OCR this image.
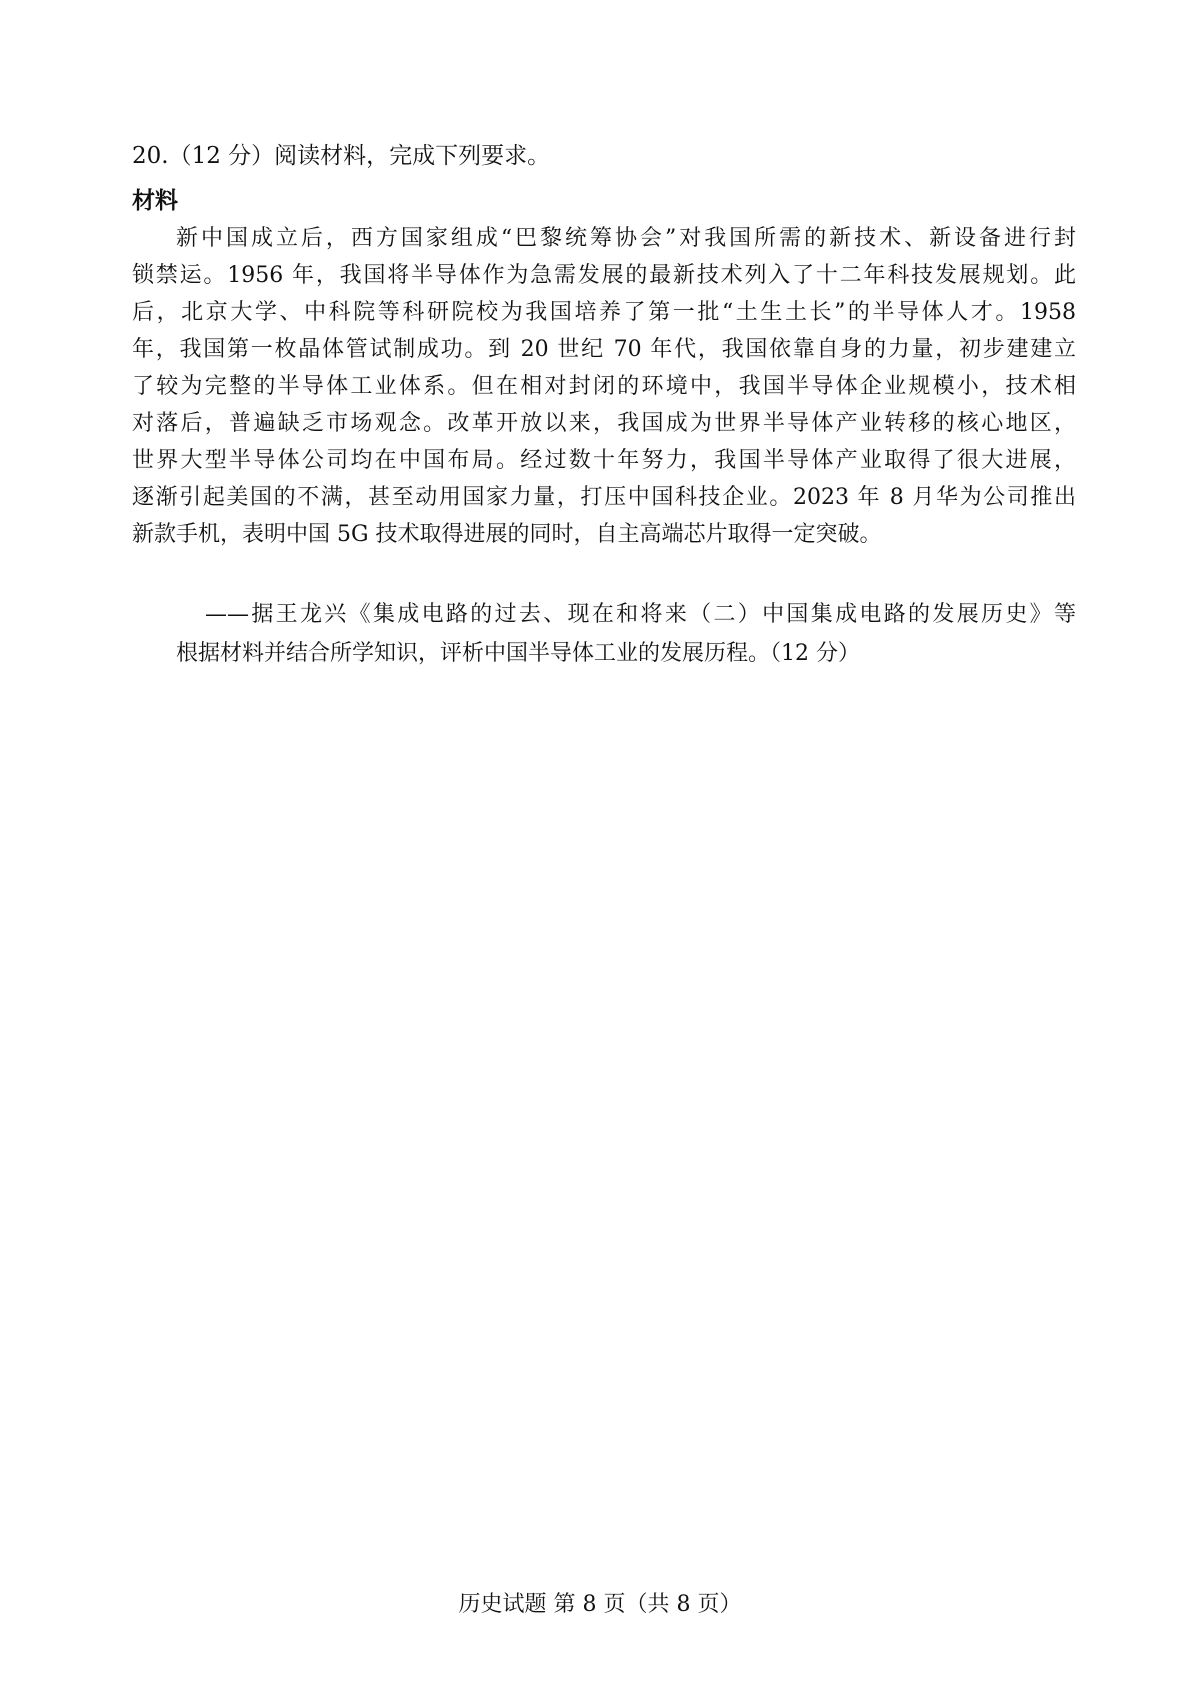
20.（12 分）阅读材料，完成下列要求。
材料
新中国成立后，西方国家组成“巴黎统筹协会”对我国所需的新技术、新设备进行封
锁禁运。1956 年，我国将半导体作为急需发展的最新技术列入了十二年科技发展规划。此
后，北京大学、中科院等科研院校为我国培养了第一批“土生土长”的半导体人才。1958
年，我国第一枚晶体管试制成功。到 20 世纪 70 年代，我国依靠自身的力量，初步建建立
了较为完整的半导体工业体系。但在相对封闭的环境中，我国半导体企业规模小，技术相
对落后，普遍缺乏市场观念。改革开放以来，我国成为世界半导体产业转移的核心地区，
世界大型半导体公司均在中国布局。经过数十年努力，我国半导体产业取得了很大进展，
逐渐引起美国的不满，甚至动用国家力量，打压中国科技企业。2023 年 8 月华为公司推出
新款手机，表明中国 5G 技术取得进展的同时，自主高端芯片取得一定突破。
——据王龙兴《集成电路的过去、现在和将来（二）中国集成电路的发展历史》等
根据材料并结合所学知识，评析中国半导体工业的发展历程。（12 分）
历史试题 第 8 页（共 8 页）
